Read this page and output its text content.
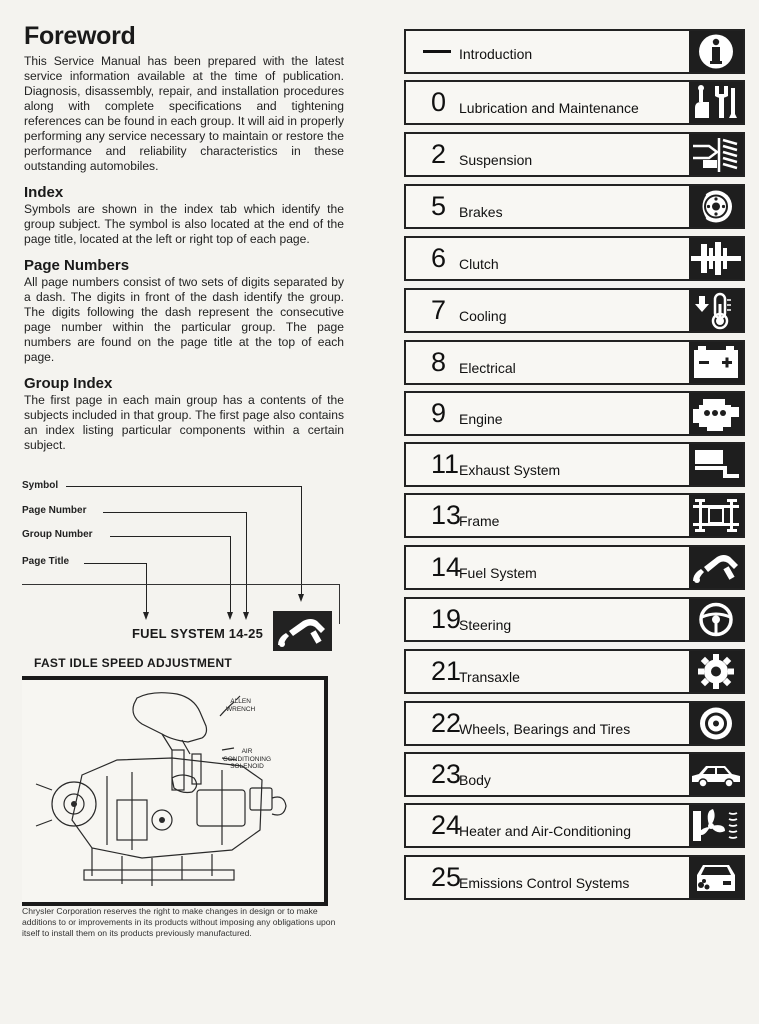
Foreword

This Service Manual has been prepared with the latest service information available at the time of publication. Diagnosis, disassembly, repair, and installation procedures along with complete specifications and tightening references can be found in each group. It will aid in properly performing any service necessary to maintain or restore the performance and reliability characteristics in these outstanding automobiles.

Index

Symbols are shown in the index tab which identify the group subject. The symbol is also located at the end of the page title, located at the left or right top of each page.

Page Numbers

All page numbers consist of two sets of digits separated by a dash. The digits in front of the dash identify the group. The digits following the dash represent the consecutive page number within the particular group. The page numbers are found on the page title at the top of each page.

Group Index

The first page in each main group has a contents of the subjects included in that group. The first page also contains an index listing particular components within a certain subject.

Symbol
Page Number
Group Number
Page Title
FUEL SYSTEM 14-25
FAST IDLE SPEED ADJUSTMENT
ALLEN
WRENCH
AIR
CONDITIONING
SOLENOID

Chrysler Corporation reserves the right to make changes in design or to make additions to or improvements in its products without imposing any obligations upon itself to install them on its products previously manufactured.

Introduction
0 Lubrication and Maintenance
2 Suspension
5 Brakes
6 Clutch
7 Cooling
8 Electrical
9 Engine
11 Exhaust System
13
Frame
14
Fuel System
19
Steering
21
Transaxle
22
Wheels, Bearings and Tires
23
Body
24
Heater and Air-Conditioning
25
Emissions Control Systems
